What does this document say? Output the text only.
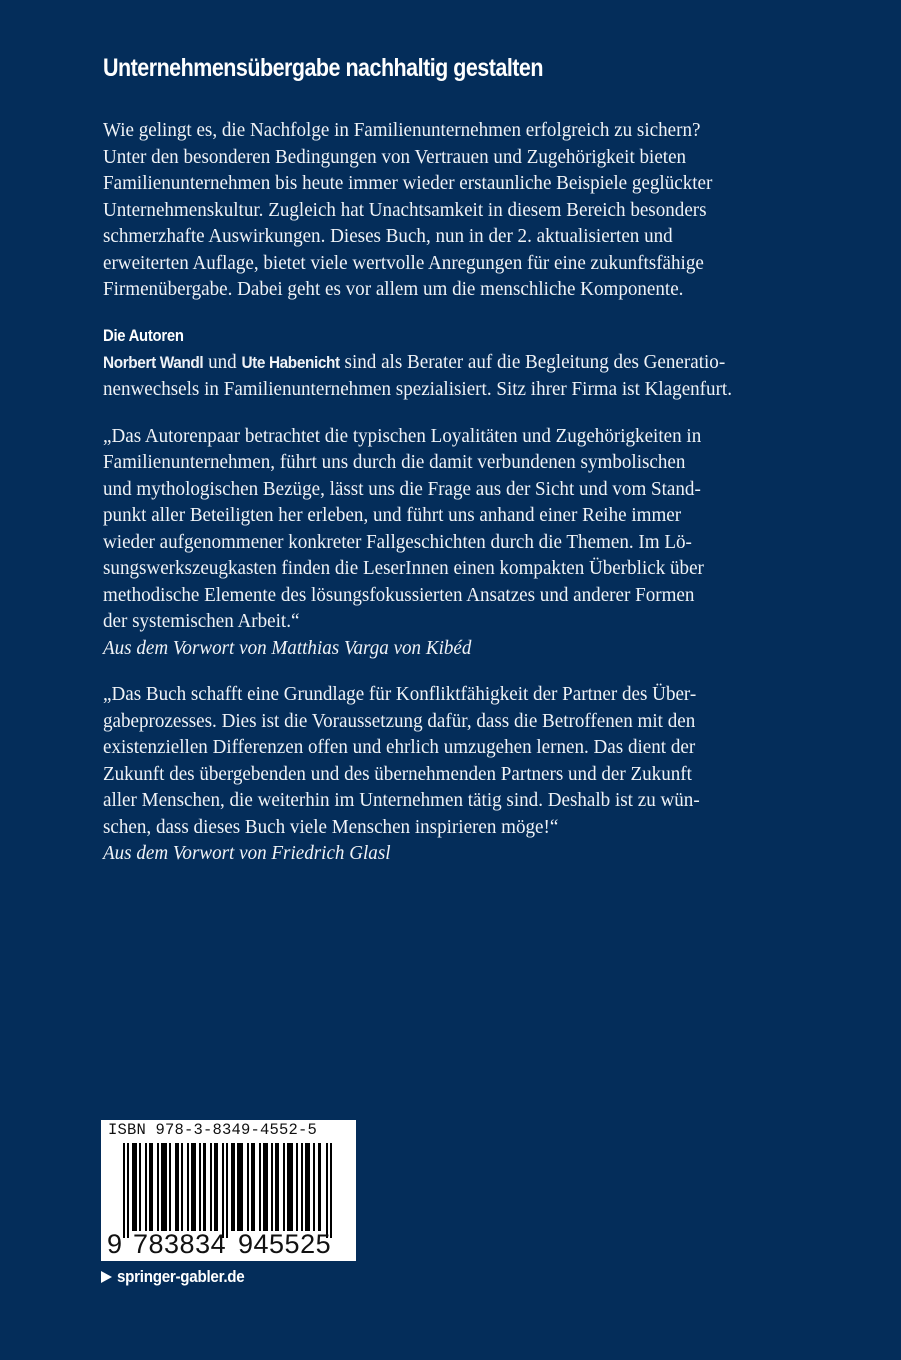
Unternehmensübergabe nachhaltig gestalten

Wie gelingt es, die Nachfolge in Familienunternehmen erfolgreich zu sichern?
Unter den besonderen Bedingungen von Vertrauen und Zugehörigkeit bieten
Familienunternehmen bis heute immer wieder erstaunliche Beispiele geglückter
Unternehmenskultur. Zugleich hat Unachtsamkeit in diesem Bereich besonders
schmerzhafte Auswirkungen. Dieses Buch, nun in der 2. aktualisierten und
erweiterten Auflage, bietet viele wertvolle Anregungen für eine zukunftsfähige
Firmenübergabe. Dabei geht es vor allem um die menschliche Komponente.

Die Autoren

Norbert Wandl und Ute Habenicht sind als Berater auf die Begleitung des Generatio-
nenwechsels in Familienunternehmen spezialisiert. Sitz ihrer Firma ist Klagenfurt.

„Das Autorenpaar betrachtet die typischen Loyalitäten und Zugehörigkeiten in
Familienunternehmen, führt uns durch die damit verbundenen symbolischen
und mythologischen Bezüge, lässt uns die Frage aus der Sicht und vom Stand-
punkt aller Beteiligten her erleben, und führt uns anhand einer Reihe immer
wieder aufgenommener konkreter Fallgeschichten durch die Themen. Im Lö-
sungswerkszeugkasten finden die LeserInnen einen kompakten Überblick über
methodische Elemente des lösungsfokussierten Ansatzes und anderer Formen
der systemischen Arbeit.“
Aus dem Vorwort von Matthias Varga von Kibéd

„Das Buch schafft eine Grundlage für Konfliktfähigkeit der Partner des Über-
gabeprozesses. Dies ist die Voraussetzung dafür, dass die Betroffenen mit den
existenziellen Differenzen offen und ehrlich umzugehen lernen. Das dient der
Zukunft des übergebenden und des übernehmenden Partners und der Zukunft
aller Menschen, die weiterhin im Unternehmen tätig sind. Deshalb ist zu wün-
schen, dass dieses Buch viele Menschen inspirieren möge!“
Aus dem Vorwort von Friedrich Glasl

ISBN 978-3-8349-4552-5
9 783834 945525
springer-gabler.de
